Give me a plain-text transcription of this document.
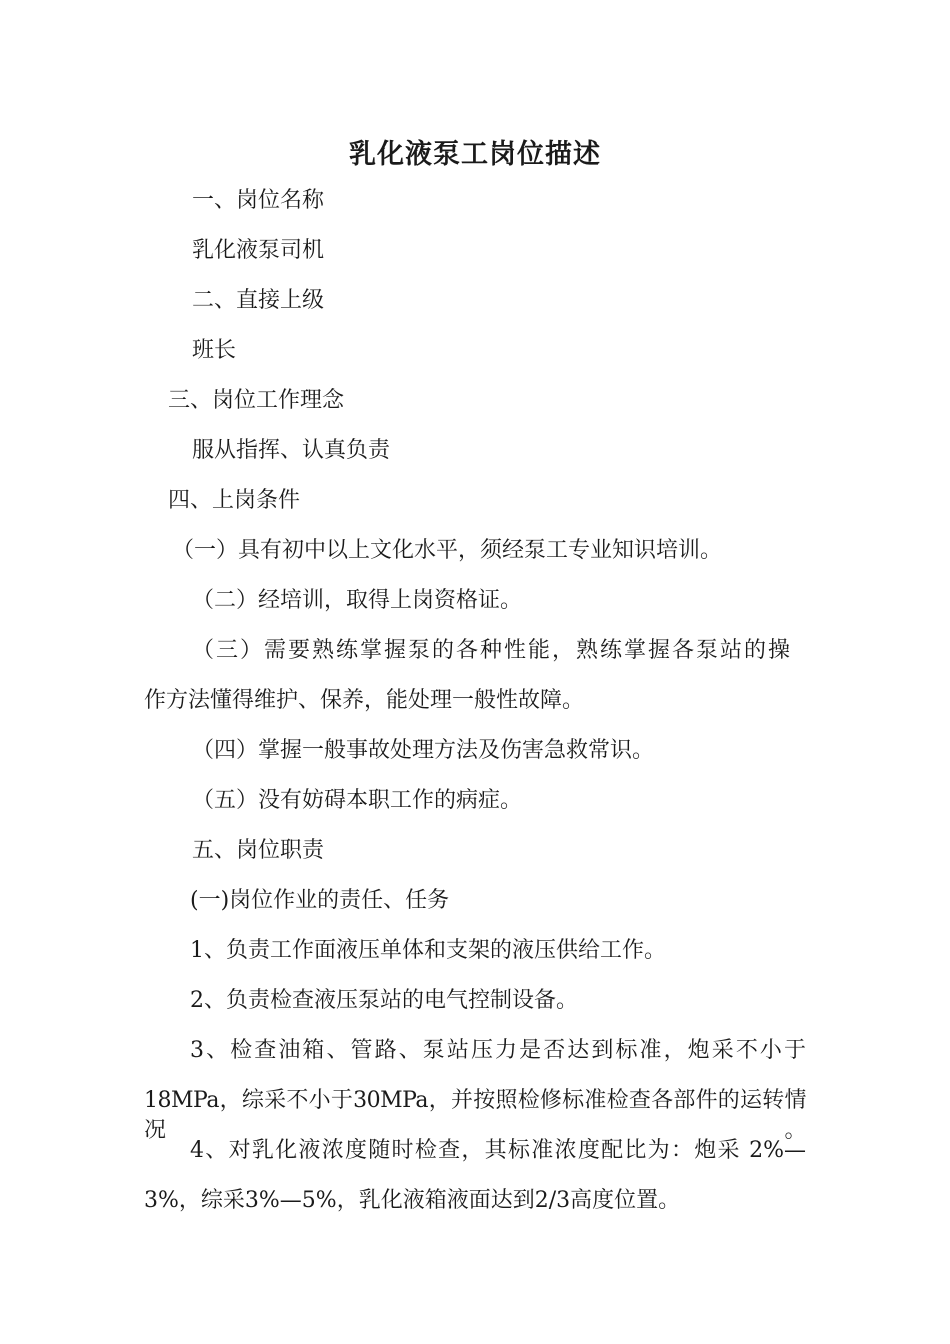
乳化液泵工岗位描述
一、岗位名称
乳化液泵司机
二、直接上级
班长
三、岗位工作理念
服从指挥、认真负责
四、上岗条件
（一）具有初中以上文化水平，须经泵工专业知识培训。
（二）经培训，取得上岗资格证。
（三）需要熟练掌握泵的各种性能，熟练掌握各泵站的操
作方法懂得维护、保养，能处理一般性故障。
（四）掌握一般事故处理方法及伤害急救常识。
（五）没有妨碍本职工作的病症。
五、岗位职责
(一)岗位作业的责任、任务
1、负责工作面液压单体和支架的液压供给工作。
2、负责检查液压泵站的电气控制设备。
3、检查油箱、管路、泵站压力是否达到标准，炮采不小于
18MPa，综采不小于30MPa，并按照检修标准检查各部件的运转情况。
4、对乳化液浓度随时检查，其标准浓度配比为：炮采 2%—
3%，综采3%—5%，乳化液箱液面达到2/3高度位置。
